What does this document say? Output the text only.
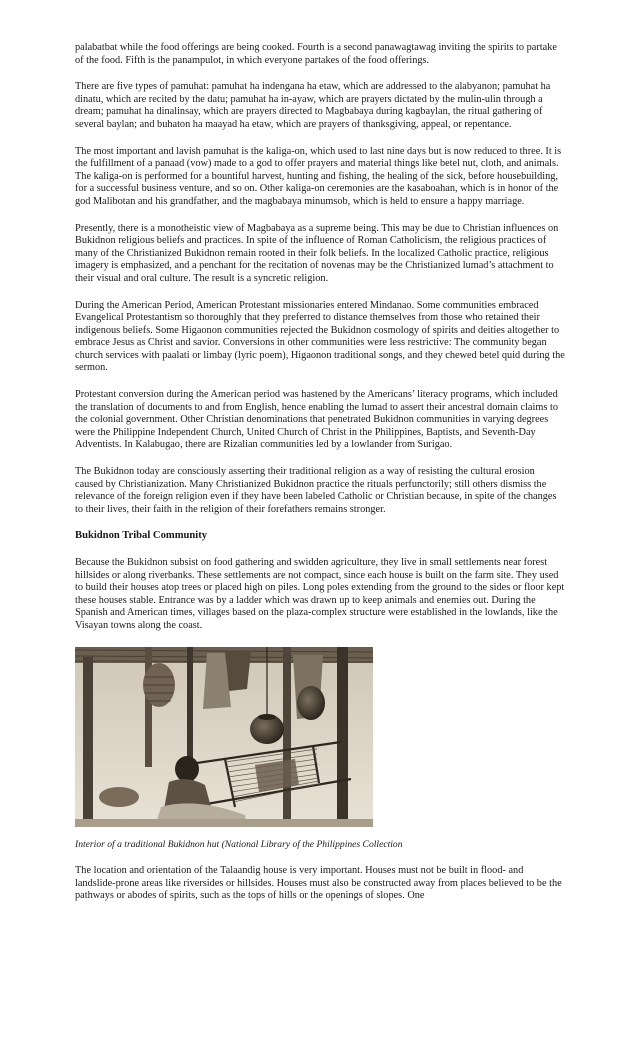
palabatbat while the food offerings are being cooked. Fourth is a second panawagtawag inviting the spirits to partake of the food. Fifth is the panampulot, in which everyone partakes of the food offerings.

There are five types of pamuhat: pamuhat ha indengana ha etaw, which are addressed to the alabyanon; pamuhat ha dinatu, which are recited by the datu; pamuhat ha in-ayaw, which are prayers dictated by the mulin-ulin through a dream; pamuhat ha dinalinsay, which are prayers directed to Magbabaya during kagbaylan, the ritual gathering of several baylan; and buhaton ha maayad ha etaw, which are prayers of thanksgiving, appeal, or repentance.

The most important and lavish pamuhat is the kaliga-on, which used to last nine days but is now reduced to three. It is the fulfillment of a panaad (vow) made to a god to offer prayers and material things like betel nut, cloth, and animals. The kaliga-on is performed for a bountiful harvest, hunting and fishing, the healing of the sick, before housebuilding, for a successful business venture, and so on. Other kaliga-on ceremonies are the kasaboahan, which is in honor of the god Malibotan and his grandfather, and the magbabaya minumsob, which is held to ensure a happy marriage.

Presently, there is a monotheistic view of Magbabaya as a supreme being. This may be due to Christian influences on Bukidnon religious beliefs and practices. In spite of the influence of Roman Catholicism, the religious practices of many of the Christianized Bukidnon remain rooted in their folk beliefs. In the localized Catholic practice, religious imagery is emphasized, and a penchant for the recitation of novenas may be the Christianized lumad’s attachment to their visual and oral culture. The result is a syncretic religion.

During the American Period, American Protestant missionaries entered Mindanao. Some communities embraced Evangelical Protestantism so thoroughly that they preferred to distance themselves from those who retained their indigenous beliefs. Some Higaonon communities rejected the Bukidnon cosmology of spirits and deities altogether to embrace Jesus as Christ and savior. Conversions in other communities were less restrictive: The community began church services with paalati or limbay (lyric poem), Higaonon traditional songs, and they chewed betel quid during the sermon.

Protestant conversion during the American period was hastened by the Americans’ literacy programs, which included the translation of documents to and from English, hence enabling the lumad to assert their ancestral domain claims to the colonial government. Other Christian denominations that penetrated Bukidnon communities in varying degrees were the Philippine Independent Church, United Church of Christ in the Philippines, Baptists, and Seventh-Day Adventists. In Kalabugao, there are Rizalian communities led by a lowlander from Surigao.

The Bukidnon today are consciously asserting their traditional religion as a way of resisting the cultural erosion caused by Christianization. Many Christianized Bukidnon practice the rituals perfunctorily; still others dismiss the relevance of the foreign religion even if they have been labeled Catholic or Christian because, in spite of the changes to their lives, their faith in the religion of their forefathers remains stronger.

Bukidnon Tribal Community

Because the Bukidnon subsist on food gathering and swidden agriculture, they live in small settlements near forest hillsides or along riverbanks. These settlements are not compact, since each house is built on the farm site. They used to build their houses atop trees or placed high on piles. Long poles extending from the ground to the sides or floor kept these houses stable. Entrance was by a ladder which was drawn up to keep animals and enemies out. During the Spanish and American times, villages based on the plaza-complex structure were established in the lowlands, like the Visayan towns along the coast.

Interior of a traditional Bukidnon hut (National Library of the Philippines Collection

The location and orientation of the Talaandig house is very important. Houses must not be built in flood- and landslide-prone areas like riversides or hillsides. Houses must also be constructed away from places believed to be the pathways or abodes of spirits, such as the tops of hills or the openings of slopes. One
